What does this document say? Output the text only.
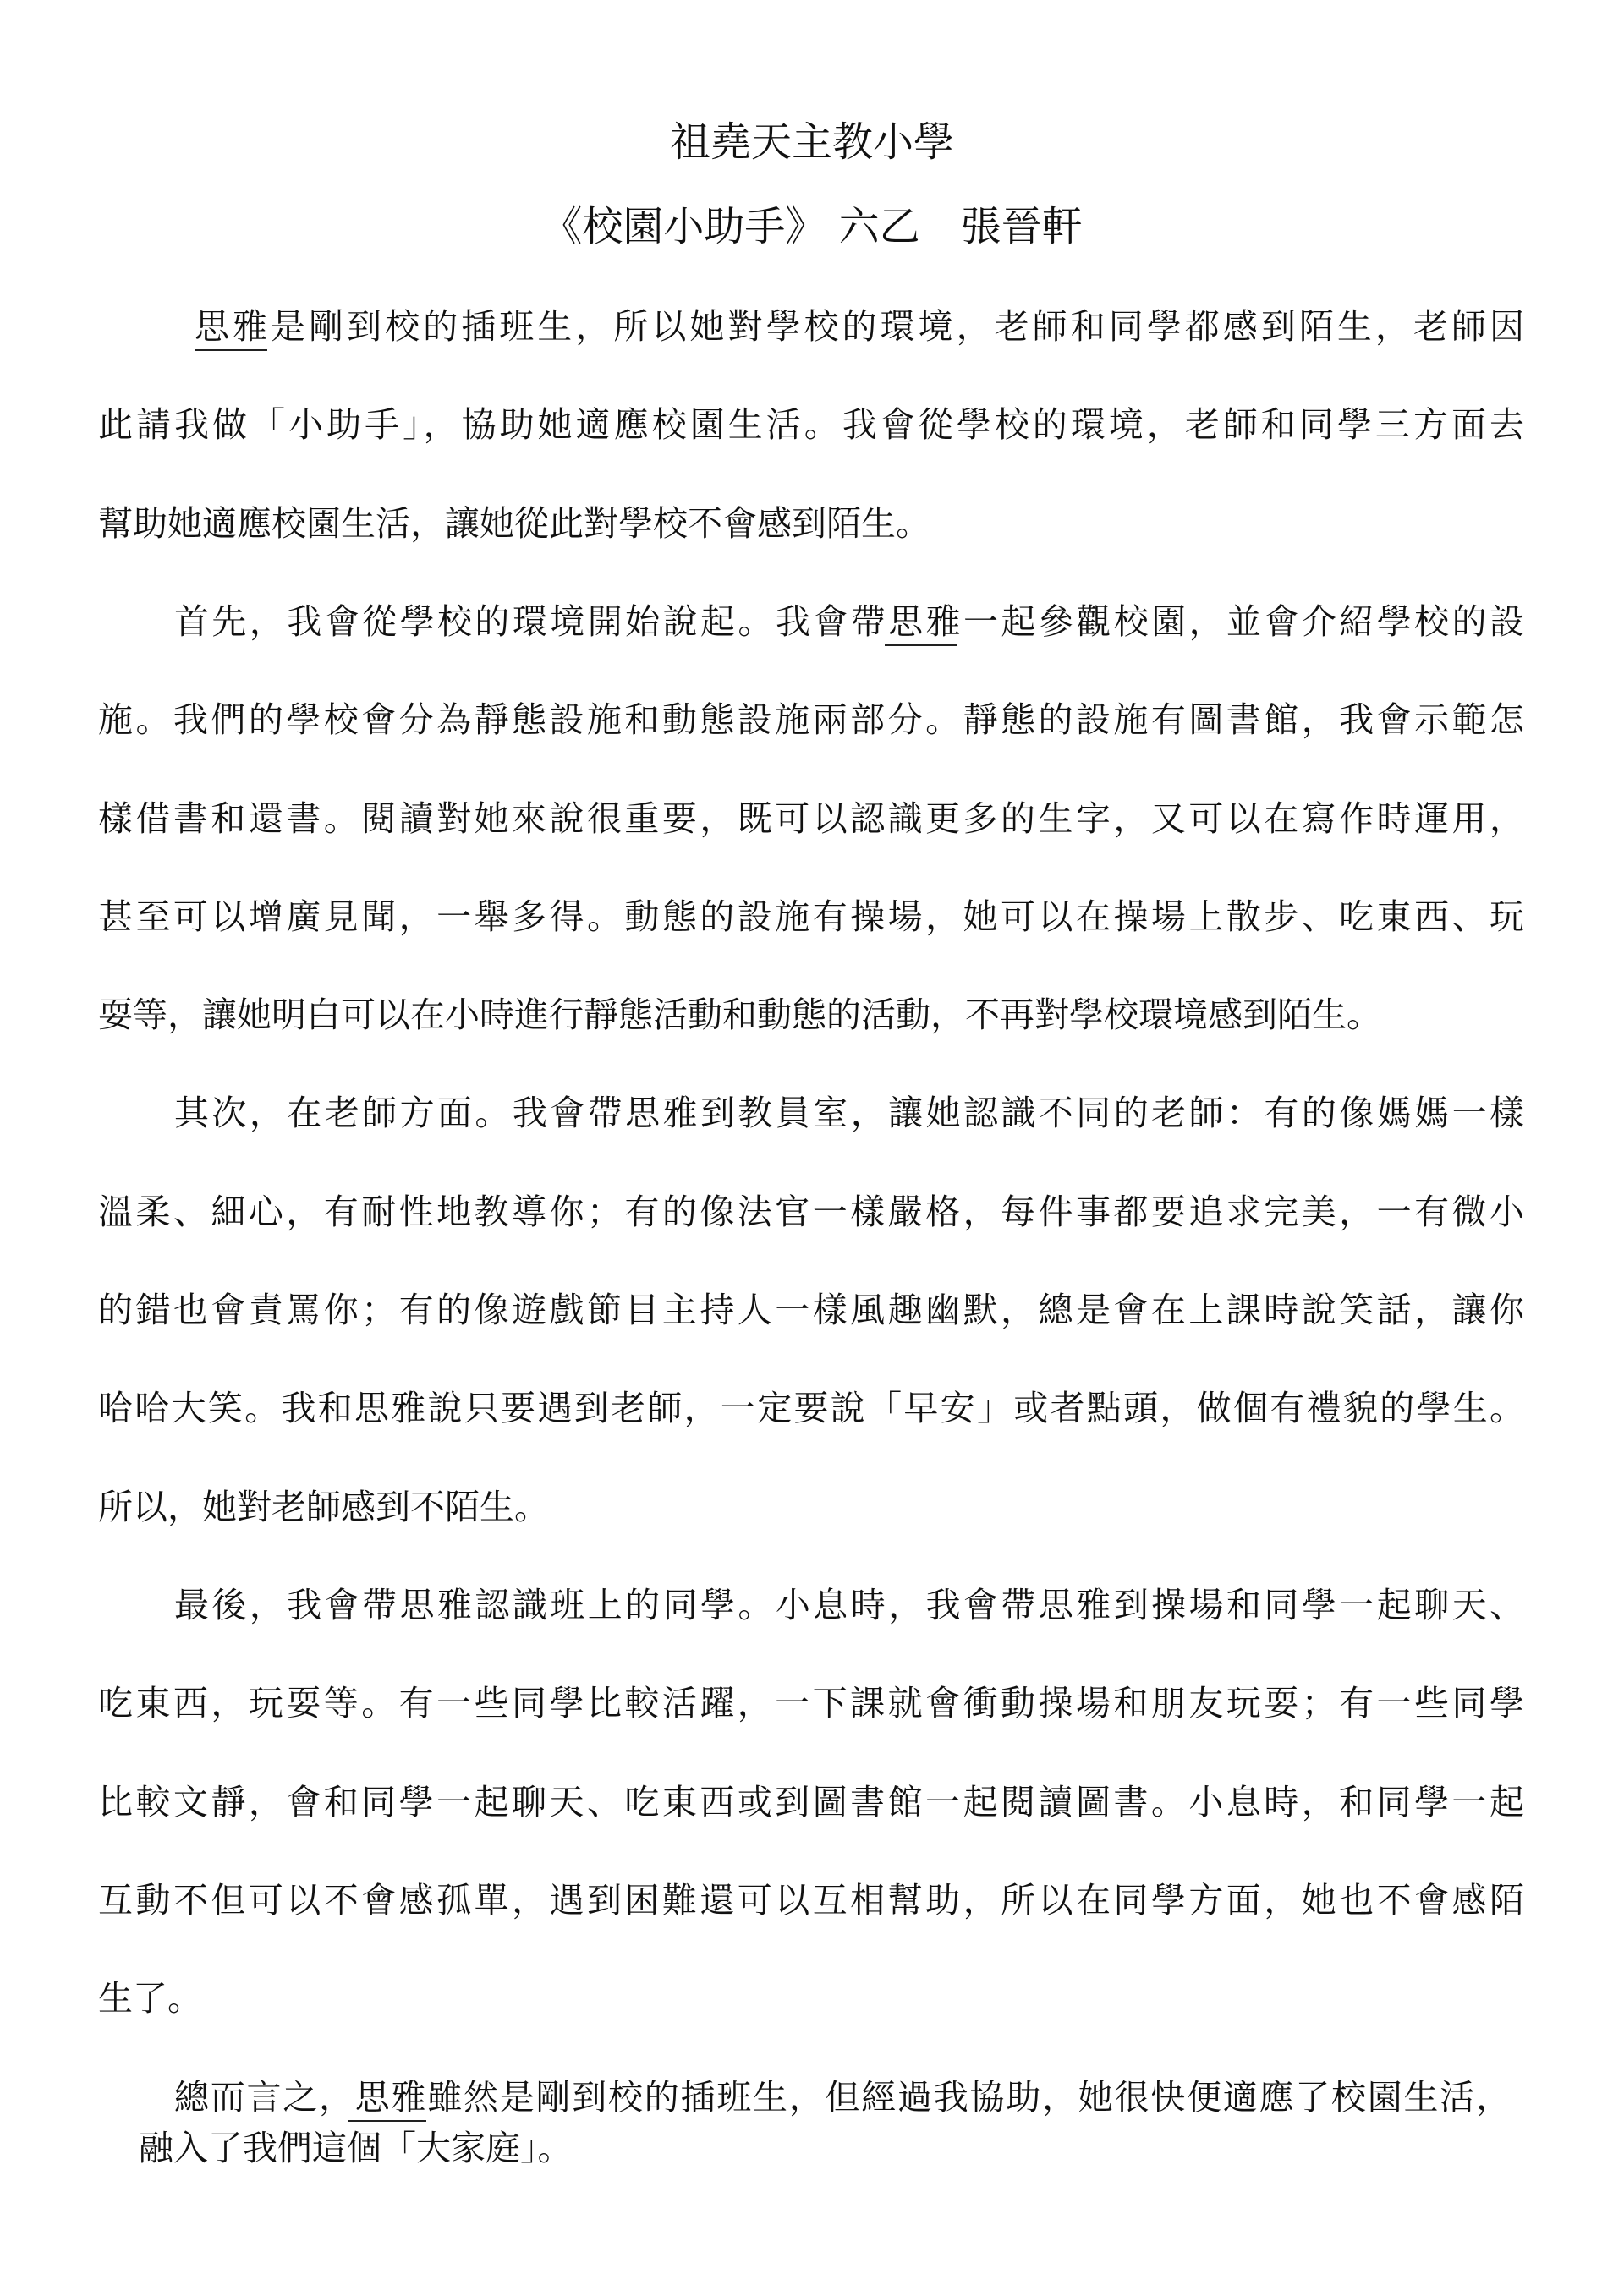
祖堯天主教小學
《校園小助手》 六乙　張晉軒
思雅是剛到校的插班生，所以她對學校的環境，老師和同學都感到陌生，老師因
此請我做「小助手」，協助她適應校園生活。我會從學校的環境，老師和同學三方面去
幫助她適應校園生活，讓她從此對學校不會感到陌生。
首先，我會從學校的環境開始說起。我會帶思雅一起參觀校園，並會介紹學校的設
施。我們的學校會分為靜態設施和動態設施兩部分。靜態的設施有圖書館，我會示範怎
樣借書和還書。閱讀對她來說很重要，既可以認識更多的生字，又可以在寫作時運用，
甚至可以增廣見聞，一舉多得。動態的設施有操場，她可以在操場上散步、吃東西、玩
耍等，讓她明白可以在小時進行靜態活動和動態的活動，不再對學校環境感到陌生。
其次，在老師方面。我會帶思雅到教員室，讓她認識不同的老師：有的像媽媽一樣
溫柔、細心，有耐性地教導你；有的像法官一樣嚴格，每件事都要追求完美，一有微小
的錯也會責罵你；有的像遊戲節目主持人一樣風趣幽默，總是會在上課時說笑話，讓你
哈哈大笑。我和思雅說只要遇到老師，一定要說「早安」或者點頭，做個有禮貌的學生。
所以，她對老師感到不陌生。
最後，我會帶思雅認識班上的同學。小息時，我會帶思雅到操場和同學一起聊天、
吃東西，玩耍等。有一些同學比較活躍，一下課就會衝動操場和朋友玩耍；有一些同學
比較文靜，會和同學一起聊天、吃東西或到圖書館一起閱讀圖書。小息時，和同學一起
互動不但可以不會感孤單，遇到困難還可以互相幫助，所以在同學方面，她也不會感陌
生了。
總而言之，思雅雖然是剛到校的插班生，但經過我協助，她很快便適應了校園生活，
融入了我們這個「大家庭」。
